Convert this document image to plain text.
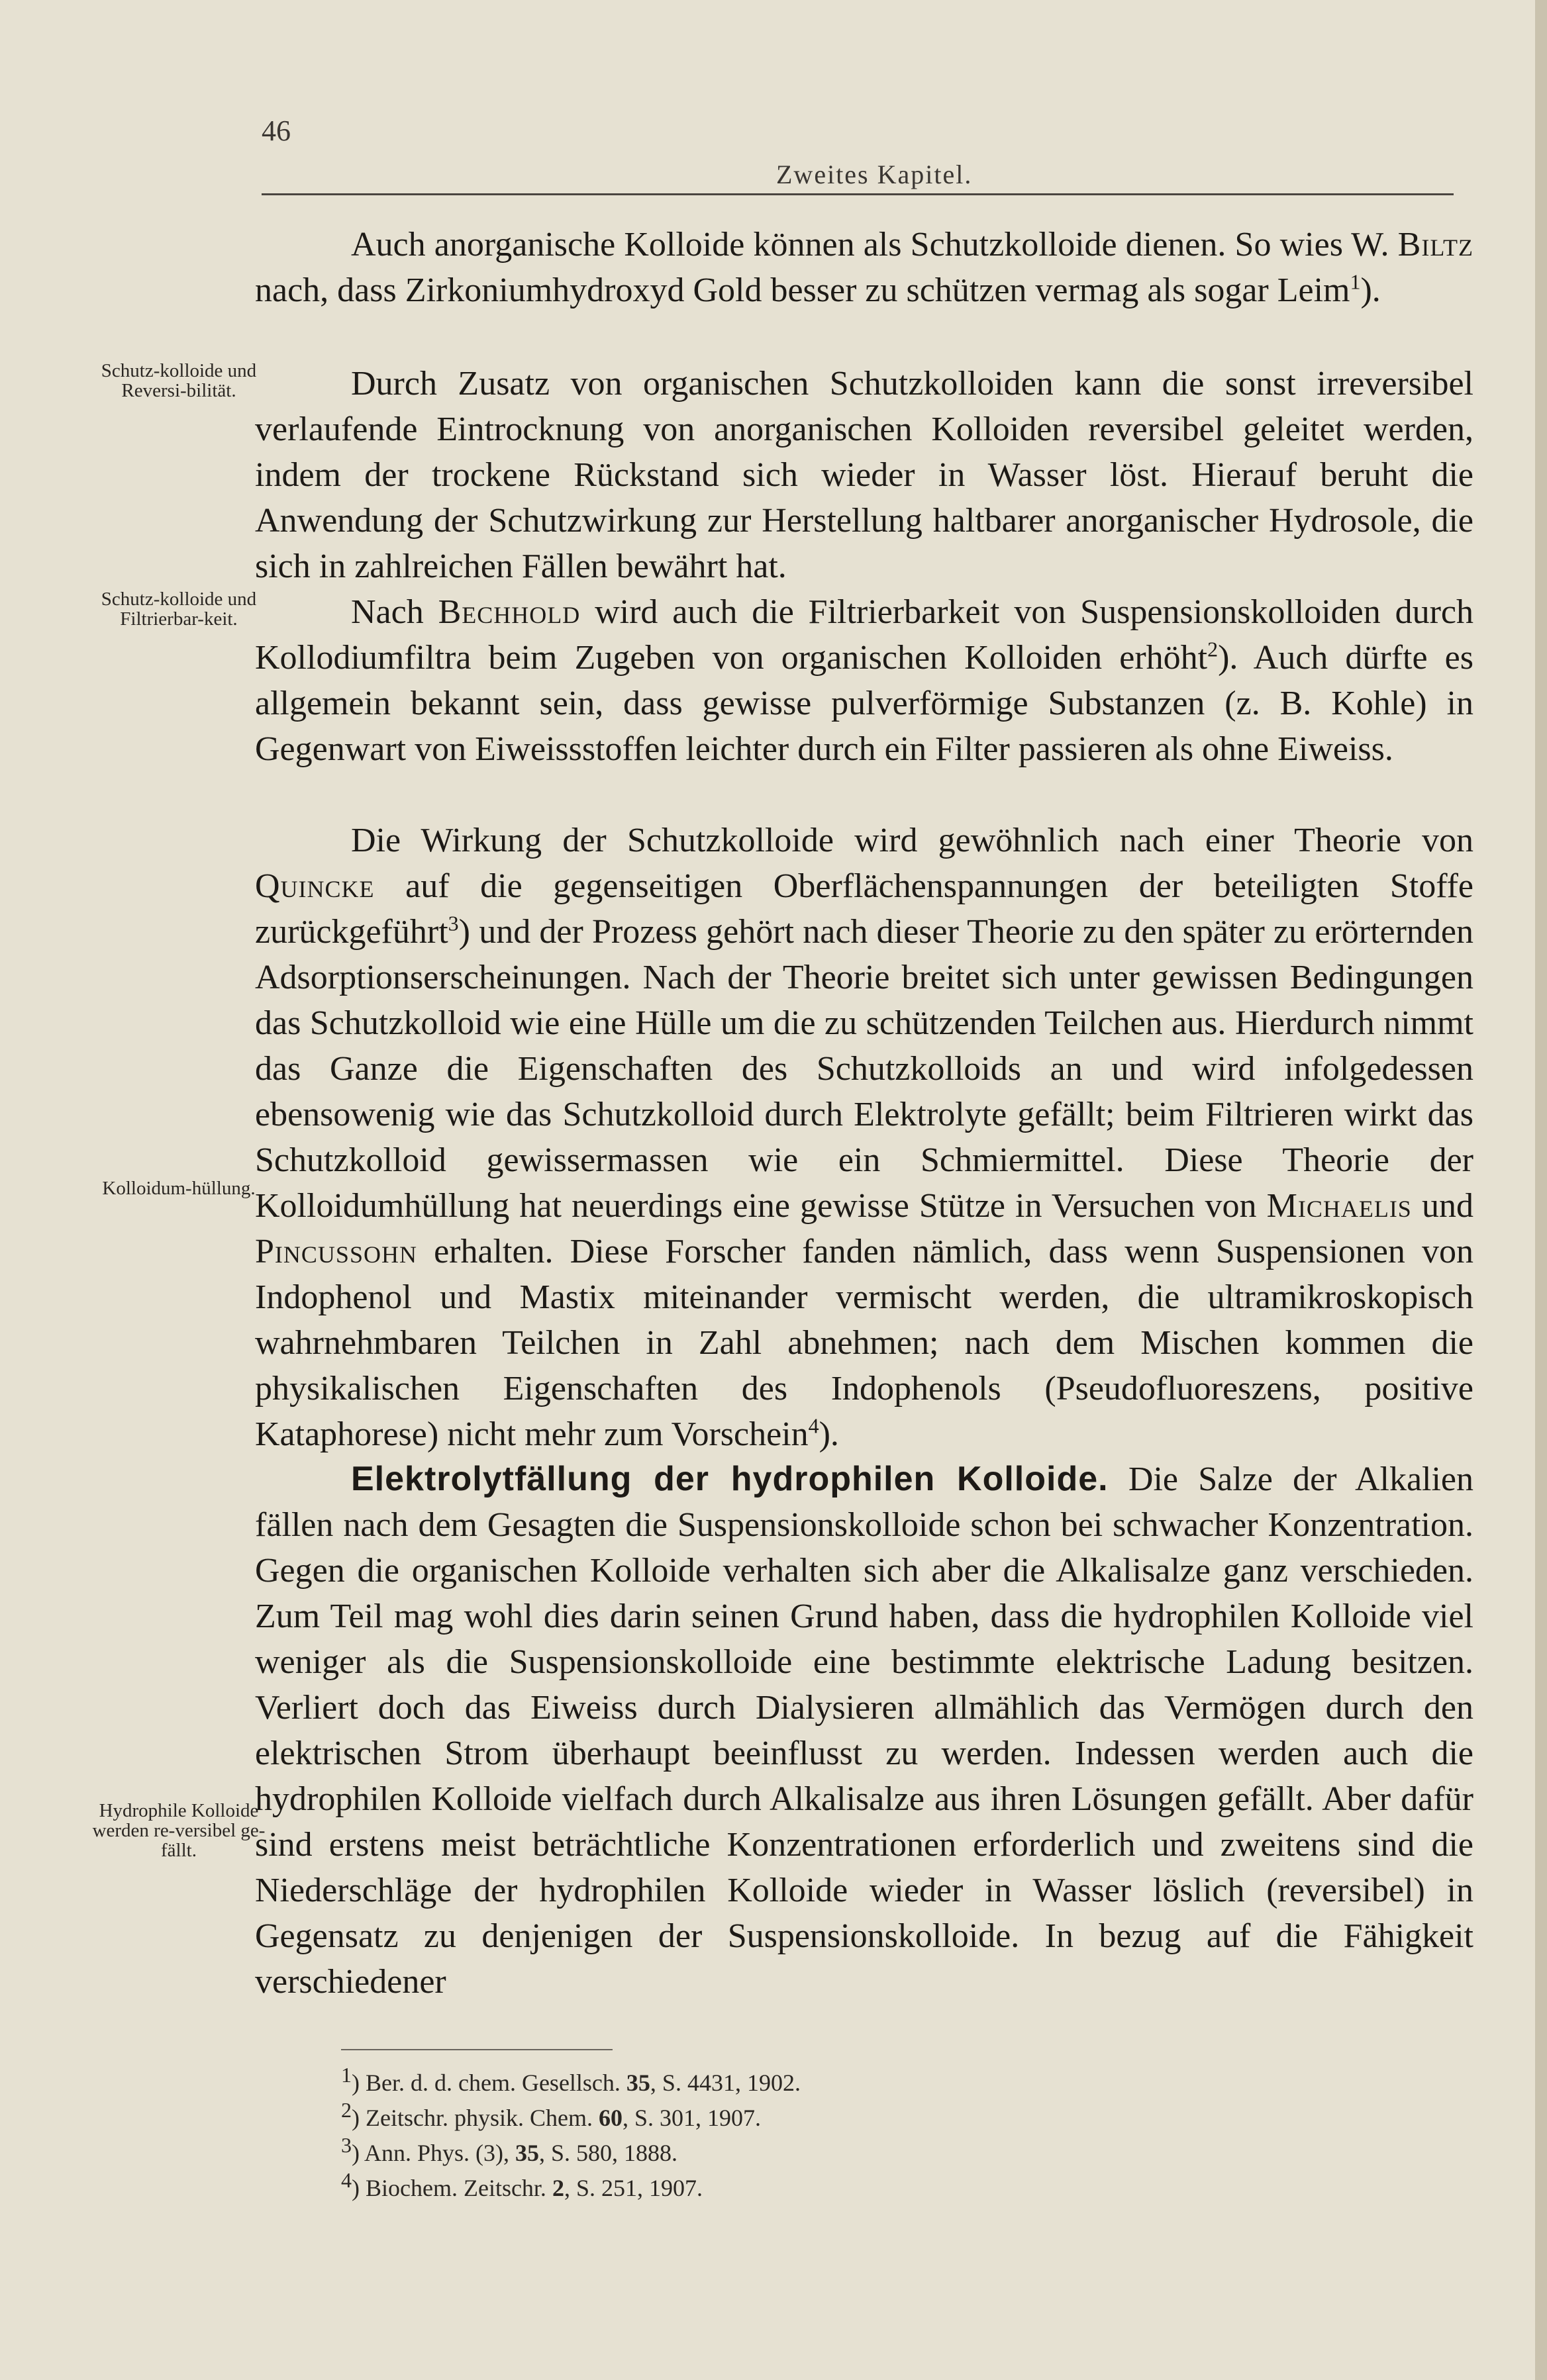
46
Zweites Kapitel.
Schutz-kolloide und Reversi-bilität.
Schutz-kolloide und Filtrierbar-keit.
Kolloidum-hüllung.
Hydrophile Kolloide werden re-versibel ge-fällt.

Auch anorganische Kolloide können als Schutzkolloide dienen. So wies W. Biltz nach, dass Zirkoniumhydroxyd Gold besser zu schützen vermag als sogar Leim$^1$).

Durch Zusatz von organischen Schutzkolloiden kann die sonst irreversibel verlaufende Eintrocknung von anorganischen Kolloiden reversibel geleitet werden, indem der trockene Rückstand sich wieder in Wasser löst. Hierauf beruht die Anwendung der Schutzwirkung zur Herstellung haltbarer anorganischer Hydrosole, die sich in zahlreichen Fällen bewährt hat.

Nach Bechhold wird auch die Filtrierbarkeit von Suspensionskolloiden durch Kollodiumfiltra beim Zugeben von organischen Kolloiden erhöht$^2$). Auch dürfte es allgemein bekannt sein, dass gewisse pulverförmige Substanzen (z. B. Kohle) in Gegenwart von Eiweissstoffen leichter durch ein Filter passieren als ohne Eiweiss.

Die Wirkung der Schutzkolloide wird gewöhnlich nach einer Theorie von Quincke auf die gegenseitigen Oberflächenspannungen der beteiligten Stoffe zurückgeführt$^3$) und der Prozess gehört nach dieser Theorie zu den später zu erörternden Adsorptionserscheinungen. Nach der Theorie breitet sich unter gewissen Bedingungen das Schutzkolloid wie eine Hülle um die zu schützenden Teilchen aus. Hierdurch nimmt das Ganze die Eigenschaften des Schutzkolloids an und wird infolgedessen ebensowenig wie das Schutzkolloid durch Elektrolyte gefällt; beim Filtrieren wirkt das Schutzkolloid gewissermassen wie ein Schmiermittel. Diese Theorie der Kolloidumhüllung hat neuerdings eine gewisse Stütze in Versuchen von Michaelis und Pincussohn erhalten. Diese Forscher fanden nämlich, dass wenn Suspensionen von Indophenol und Mastix miteinander vermischt werden, die ultramikroskopisch wahrnehmbaren Teilchen in Zahl abnehmen; nach dem Mischen kommen die physikalischen Eigenschaften des Indophenols (Pseudofluoreszens, positive Kataphorese) nicht mehr zum Vorschein$^4$).

Elektrolytfällung der hydrophilen Kolloide. Die Salze der Alkalien fällen nach dem Gesagten die Suspensionskolloide schon bei schwacher Konzentration. Gegen die organischen Kolloide verhalten sich aber die Alkalisalze ganz verschieden. Zum Teil mag wohl dies darin seinen Grund haben, dass die hydrophilen Kolloide viel weniger als die Suspensionskolloide eine bestimmte elektrische Ladung besitzen. Verliert doch das Eiweiss durch Dialysieren allmählich das Vermögen durch den elektrischen Strom überhaupt beeinflusst zu werden. Indessen werden auch die hydrophilen Kolloide vielfach durch Alkalisalze aus ihren Lösungen gefällt. Aber dafür sind erstens meist beträchtliche Konzentrationen erforderlich und zweitens sind die Niederschläge der hydrophilen Kolloide wieder in Wasser löslich (reversibel) in Gegensatz zu denjenigen der Suspensionskolloide. In bezug auf die Fähigkeit verschiedener

1) Ber. d. d. chem. Gesellsch. 35, S. 4431, 1902.
2) Zeitschr. physik. Chem. 60, S. 301, 1907.
3) Ann. Phys. (3), 35, S. 580, 1888.
4) Biochem. Zeitschr. 2, S. 251, 1907.
